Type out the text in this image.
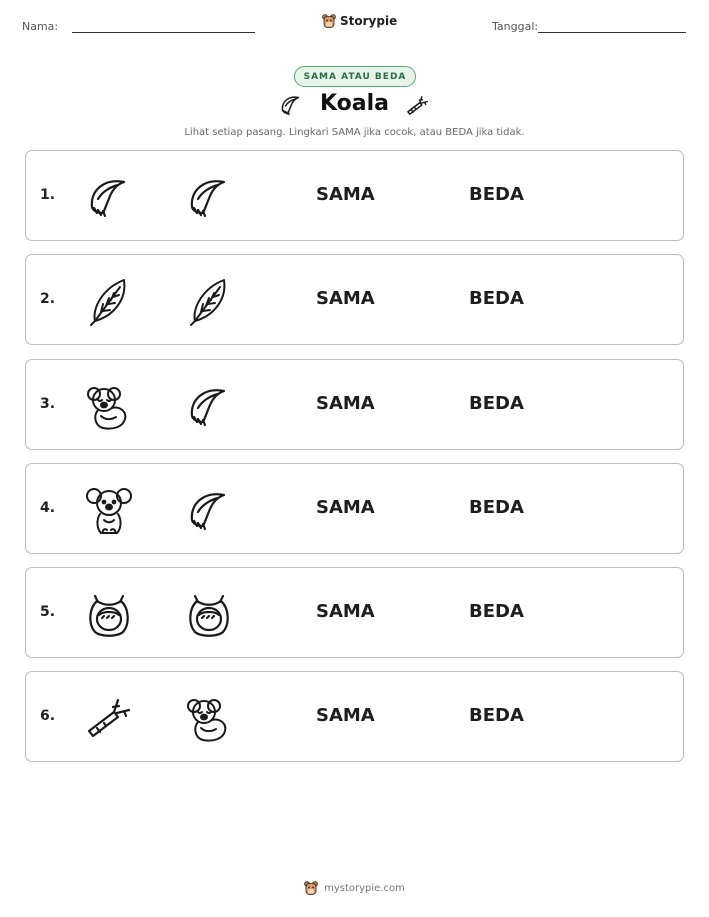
Nama:	Storypie	Tanggal:
SAMA ATAU BEDA
Koala
Lihat setiap pasang. Lingkari SAMA jika cocok, atau BEDA jika tidak.
1.	SAMA	BEDA
2.	SAMA	BEDA
3.	SAMA	BEDA
4.	SAMA	BEDA
5.	SAMA	BEDA
6.	SAMA	BEDA
mystorypie.com
